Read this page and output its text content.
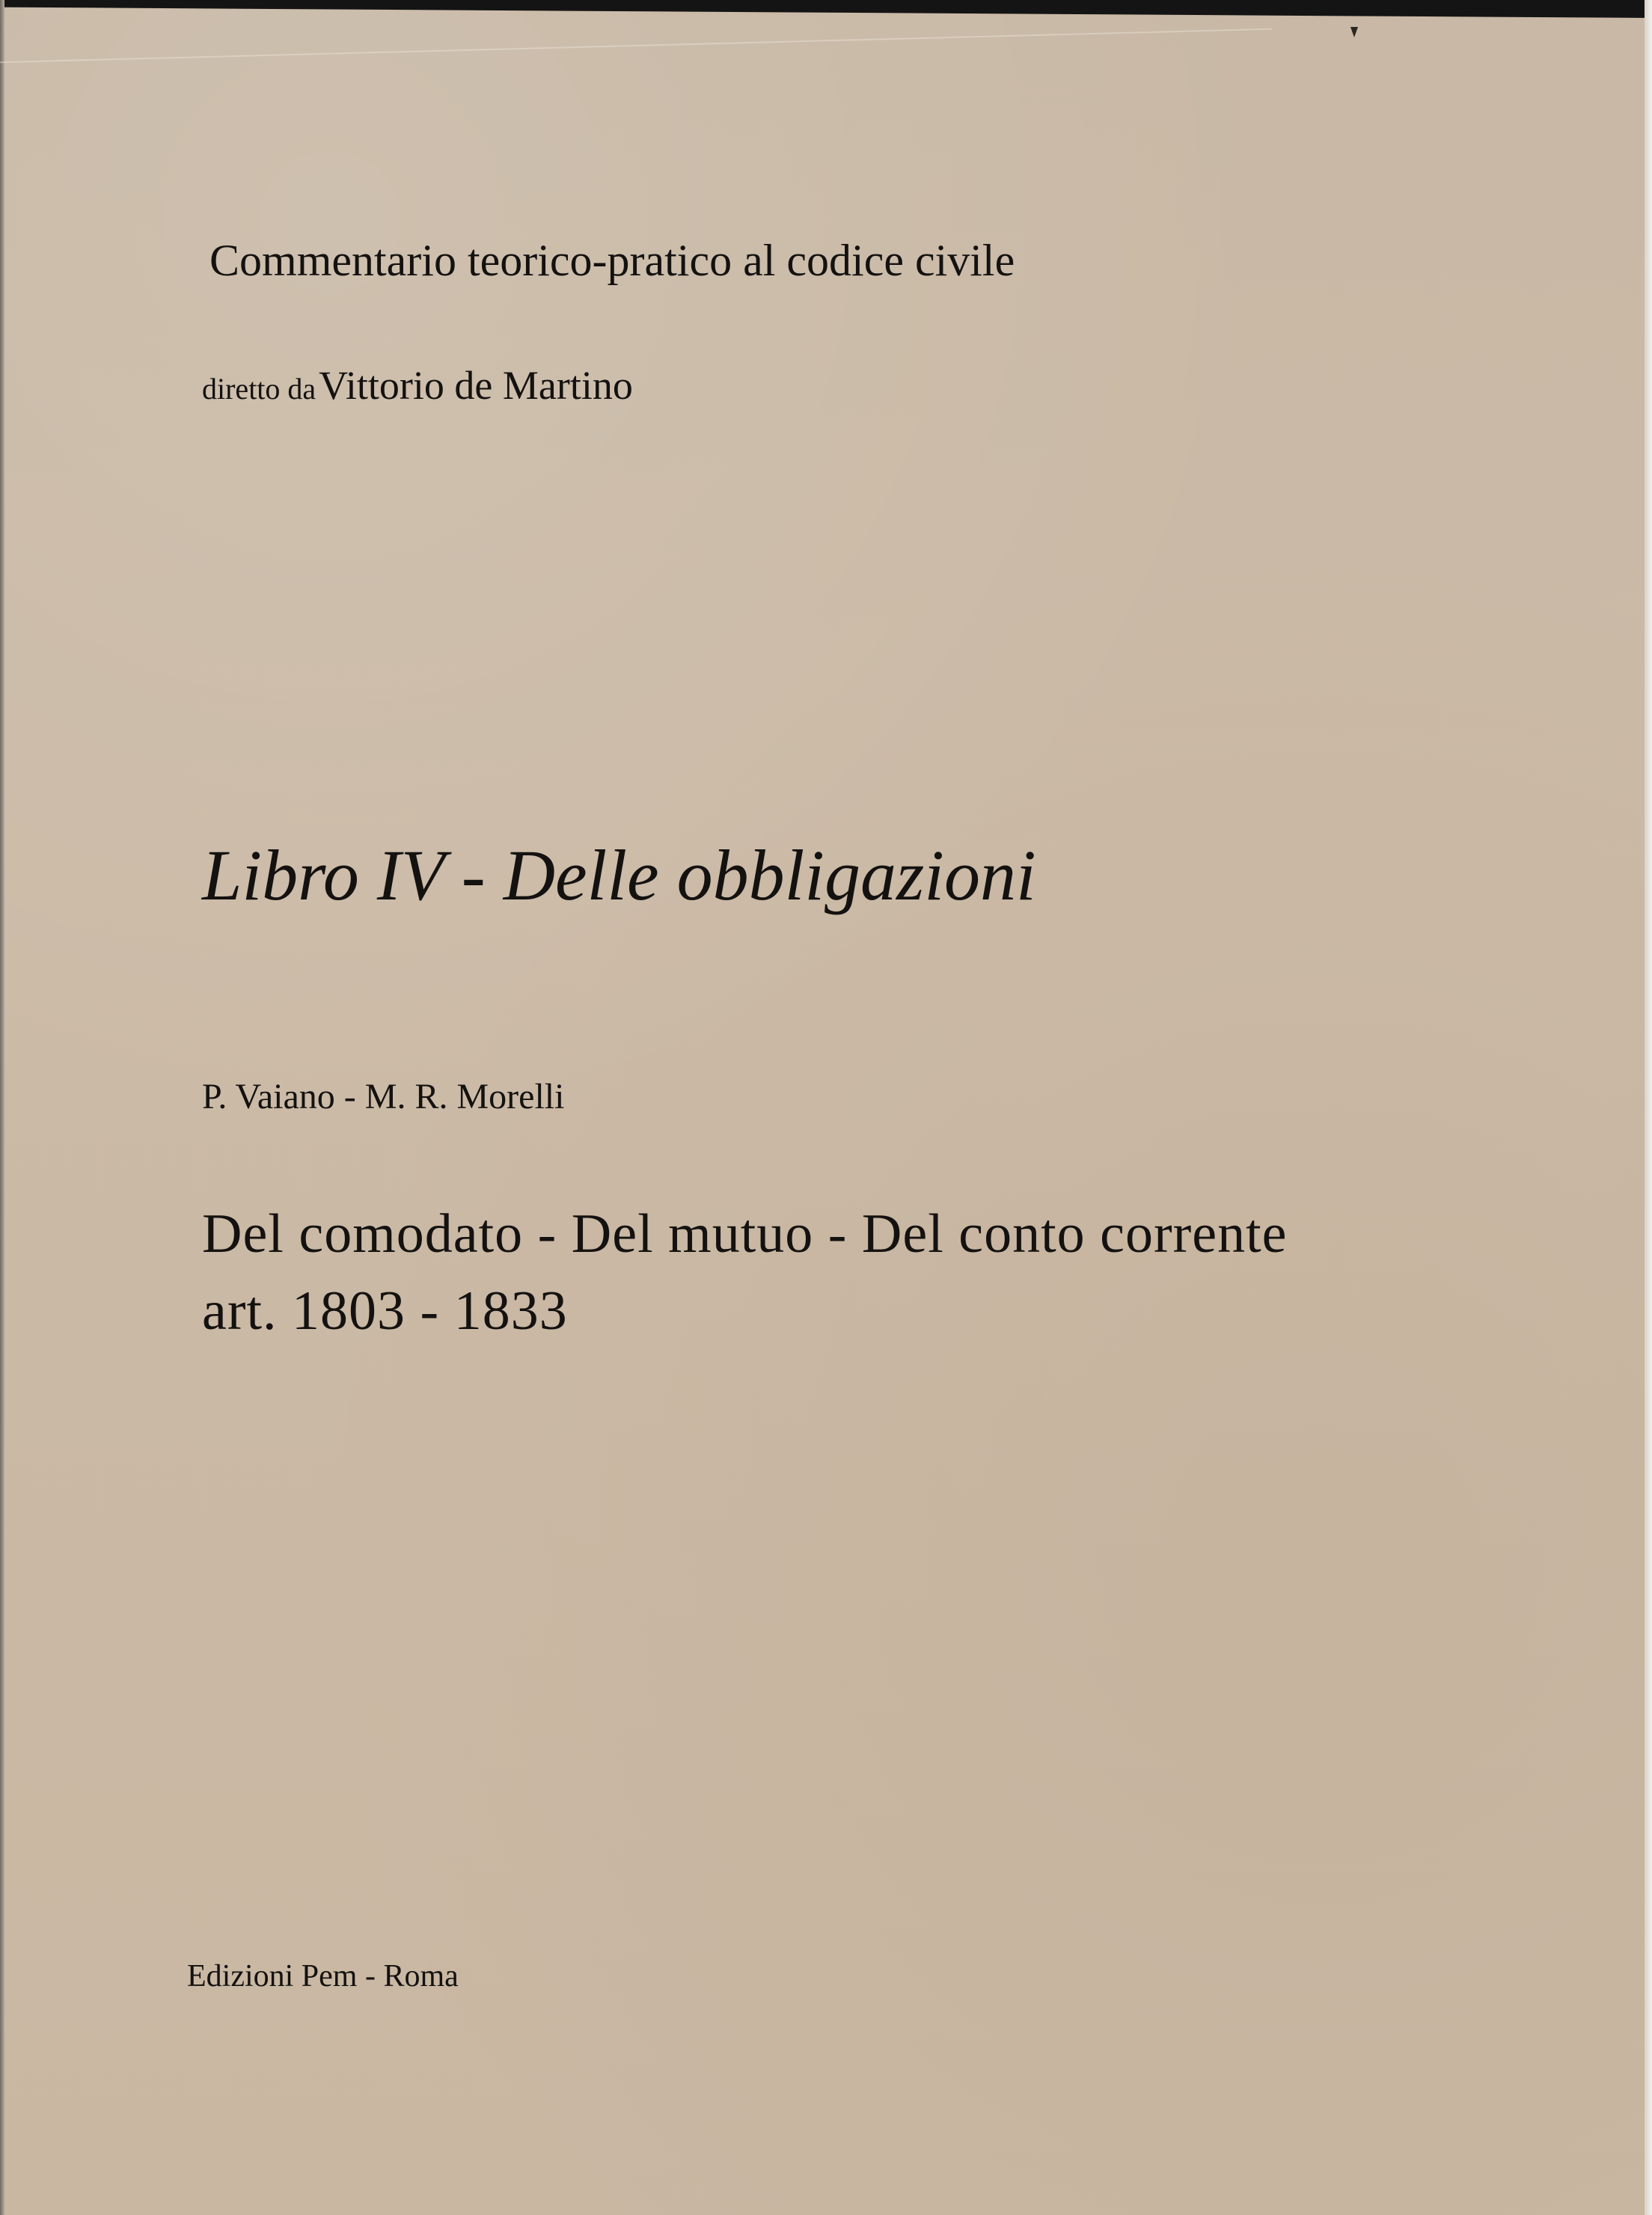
Commentario teorico-pratico al codice civile
diretto da Vittorio de Martino
Libro IV - Delle obbligazioni
P. Vaiano - M. R. Morelli
Del comodato - Del mutuo - Del conto corrente
art. 1803 - 1833
Edizioni Pem - Roma
